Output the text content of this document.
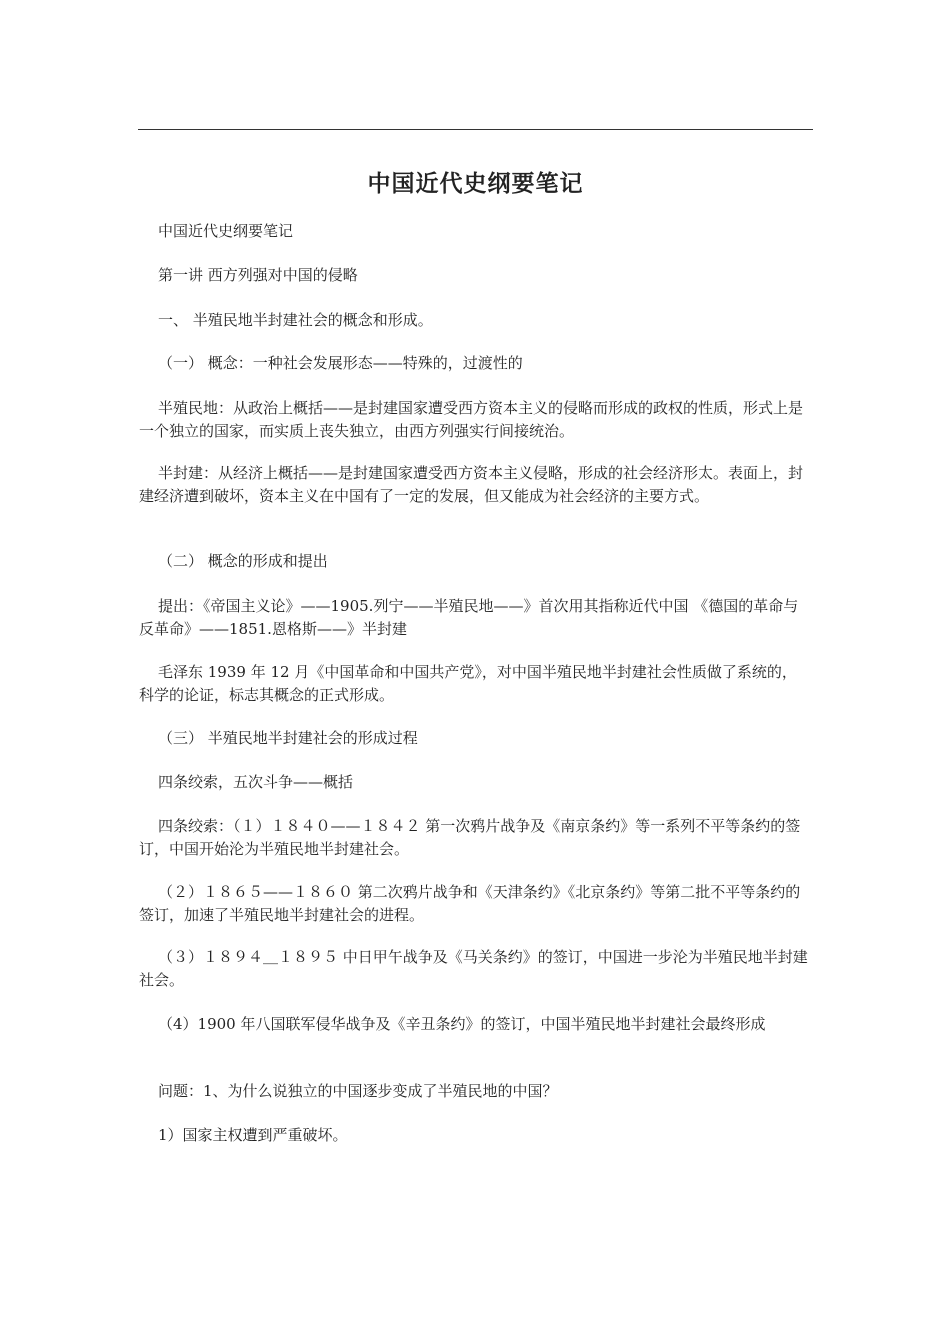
中国近代史纲要笔记
中国近代史纲要笔记
第一讲 西方列强对中国的侵略
一、 半殖民地半封建社会的概念和形成。
（一） 概念：一种社会发展形态——特殊的，过渡性的
半殖民地：从政治上概括——是封建国家遭受西方资本主义的侵略而形成的政权的性质，形式上是一个独立的国家，而实质上丧失独立，由西方列强实行间接统治。
半封建：从经济上概括——是封建国家遭受西方资本主义侵略，形成的社会经济形太。表面上，封建经济遭到破坏，资本主义在中国有了一定的发展，但又能成为社会经济的主要方式。
（二） 概念的形成和提出
提出：《帝国主义论》——1905.列宁——半殖民地——》首次用其指称近代中国 《德国的革命与反革命》——1851.恩格斯——》半封建
毛泽东 1939 年 12 月《中国革命和中国共产党》，对中国半殖民地半封建社会性质做了系统的，科学的论证，标志其概念的正式形成。
（三） 半殖民地半封建社会的形成过程
四条绞索，五次斗争——概括
四条绞索：（１）１８４０——１８４２ 第一次鸦片战争及《南京条约》等一系列不平等条约的签订，中国开始沦为半殖民地半封建社会。
（２）１８６５——１８６０ 第二次鸦片战争和《天津条约》《北京条约》等第二批不平等条约的签订，加速了半殖民地半封建社会的进程。
（３）１８９４＿１８９５ 中日甲午战争及《马关条约》的签订，中国进一步沦为半殖民地半封建社会。
（4）1900 年八国联军侵华战争及《辛丑条约》的签订，中国半殖民地半封建社会最终形成
问题：1、为什么说独立的中国逐步变成了半殖民地的中国？
1）国家主权遭到严重破坏。
